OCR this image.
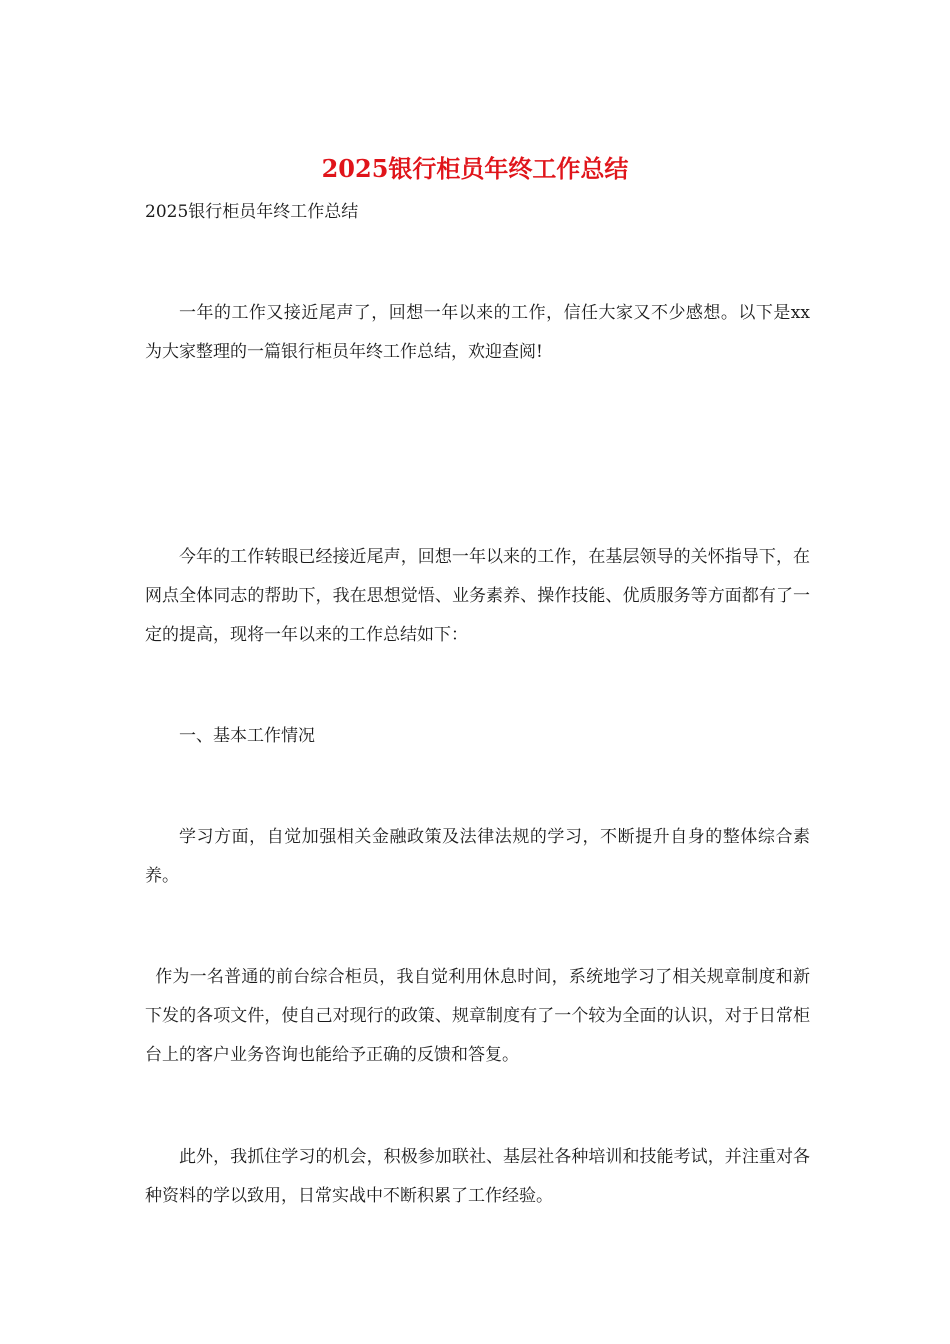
2025银行柜员年终工作总结

2025银行柜员年终工作总结

一年的工作又接近尾声了，回想一年以来的工作，信任大家又不少感想。以下是xx为大家整理的一篇银行柜员年终工作总结，欢迎查阅!

今年的工作转眼已经接近尾声，回想一年以来的工作，在基层领导的关怀指导下，在网点全体同志的帮助下，我在思想觉悟、业务素养、操作技能、优质服务等方面都有了一定的提高，现将一年以来的工作总结如下：

一、基本工作情况

学习方面，自觉加强相关金融政策及法律法规的学习，不断提升自身的整体综合素养。

作为一名普通的前台综合柜员，我自觉利用休息时间，系统地学习了相关规章制度和新下发的各项文件，使自己对现行的政策、规章制度有了一个较为全面的认识，对于日常柜台上的客户业务咨询也能给予正确的反馈和答复。

此外，我抓住学习的机会，积极参加联社、基层社各种培训和技能考试，并注重对各种资料的学以致用，日常实战中不断积累了工作经验。
